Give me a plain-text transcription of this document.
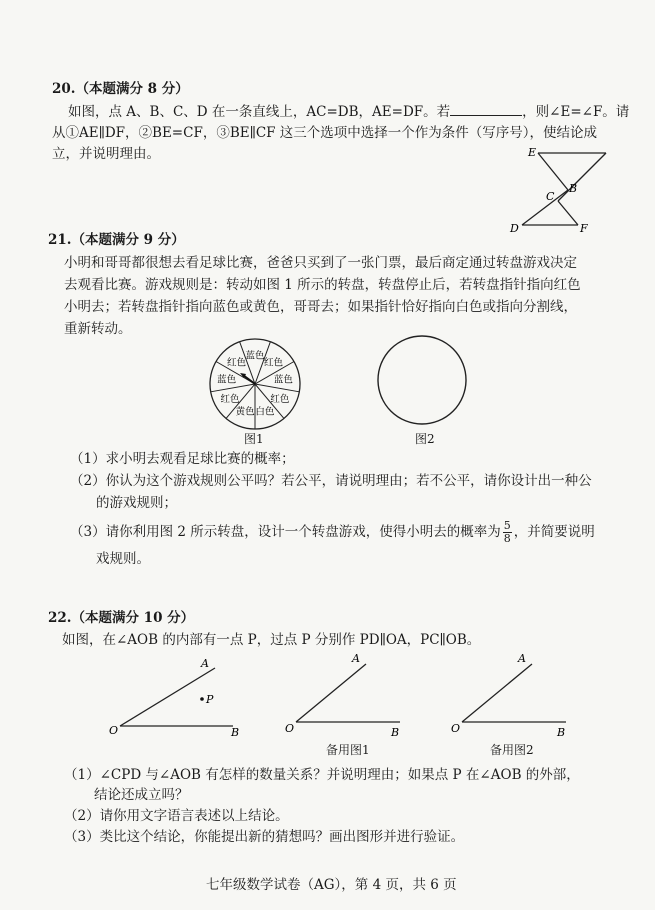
20.（本题满分 8 分）
如图，点 A、B、C、D 在一条直线上，AC=DB，AE=DF。若	，则∠E=∠F。请
从①AE∥DF，②BE=CF，③BE∥CF 这三个选项中选择一个作为条件（写序号），使结论成
立，并说明理由。	E
C
B
D	F
21.（本题满分 9 分）
小明和哥哥都很想去看足球比赛，爸爸只买到了一张门票，最后商定通过转盘游戏决定
去观看比赛。游戏规则是：转动如图 1 所示的转盘，转盘停止后，若转盘指针指向红色
小明去；若转盘指针指向蓝色或黄色，哥哥去；如果指针恰好指向白色或指向分割线，
重新转动。
蓝色
红色
蓝色
红色
白色
黄色
红色
蓝色
红色
图1	图2
（1）求小明去观看足球比赛的概率；
（2）你认为这个游戏规则公平吗？若公平，请说明理由；若不公平，请你设计出一种公
的游戏规则；
（3）请你利用图 2 所示转盘，设计一个转盘游戏，使得小明去的概率为 $\frac{5}{8}$ ，并简要说明
戏规则。
22.（本题满分 10 分）
如图，在∠AOB 的内部有一点 P，过点 P 分别作 PD∥OA，PC∥OB。
A
P
O	B
A
O	B
备用图1
A
O	B
备用图2
（1）∠CPD 与∠AOB 有怎样的数量关系？并说明理由；如果点 P 在∠AOB 的外部，
结论还成立吗？
（2）请你用文字语言表述以上结论。
（3）类比这个结论，你能提出新的猜想吗？画出图形并进行验证。
七年级数学试卷（AG），第 4 页，共 6 页
